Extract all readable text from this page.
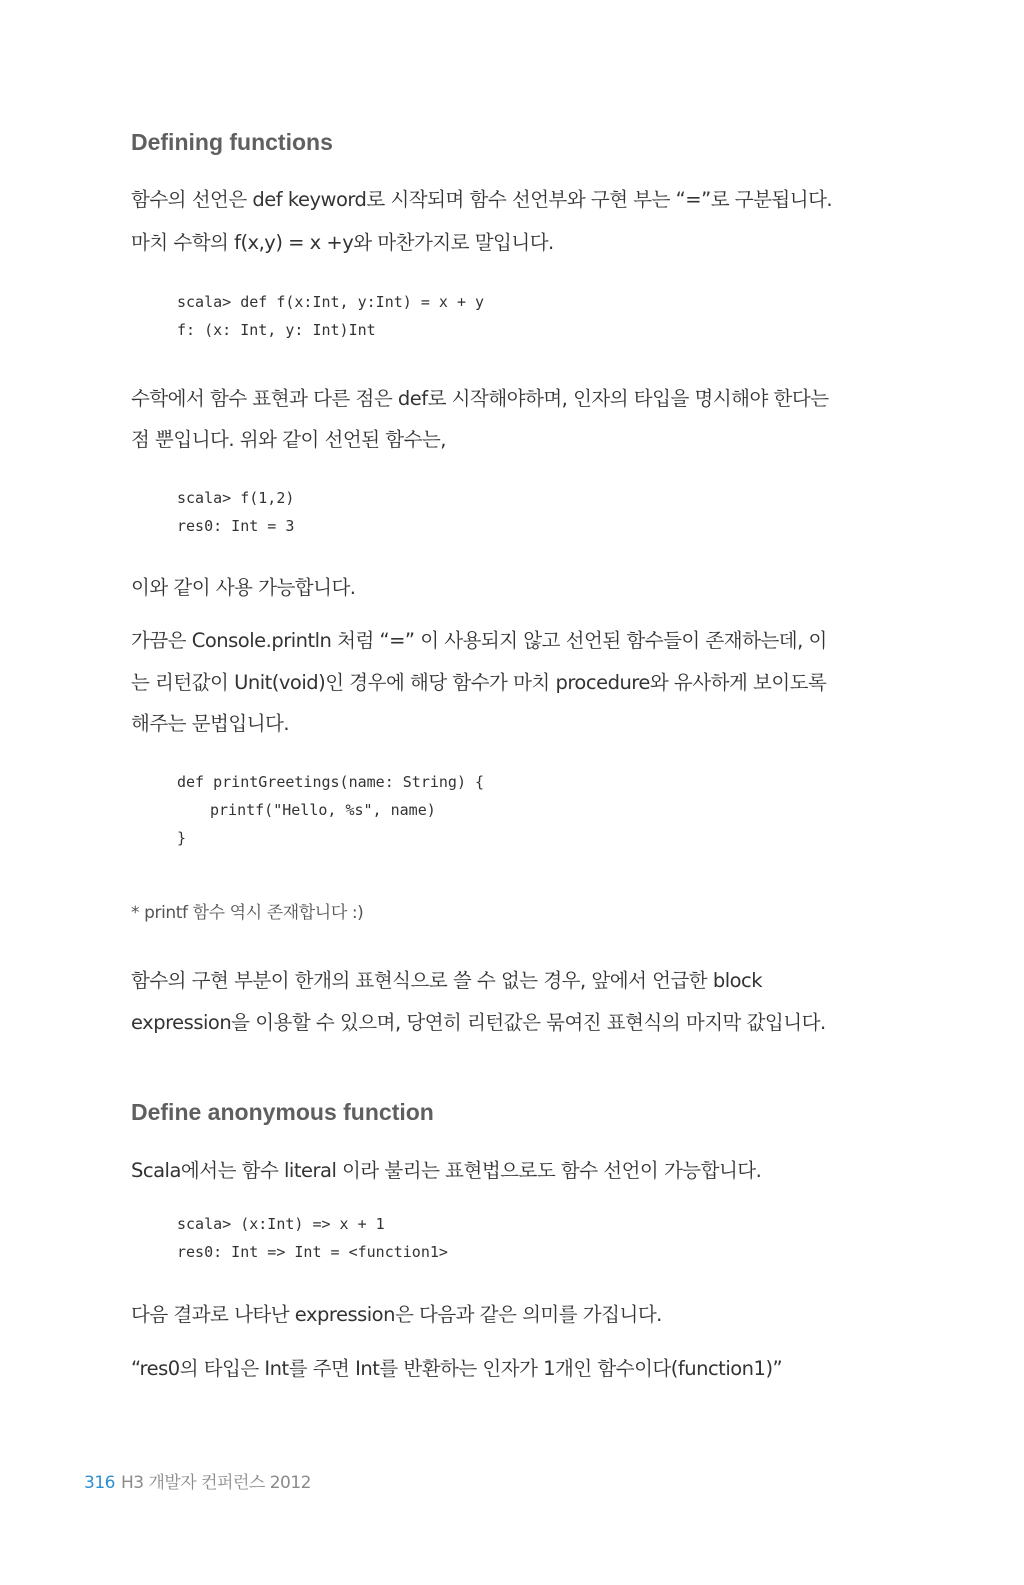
Defining functions
함수의 선언은 def keyword로 시작되며 함수 선언부와 구현 부는 “=”로 구분됩니다.
마치 수학의 f(x,y) = x +y와 마찬가지로 말입니다.
scala> def f(x:Int, y:Int) = x + y
f: (x: Int, y: Int)Int
수학에서 함수 표현과 다른 점은 def로 시작해야하며, 인자의 타입을 명시해야 한다는
점 뿐입니다. 위와 같이 선언된 함수는,
scala> f(1,2)
res0: Int = 3
이와 같이 사용 가능합니다.
가끔은 Console.println 처럼 “=” 이 사용되지 않고 선언된 함수들이 존재하는데, 이
는 리턴값이 Unit(void)인 경우에 해당 함수가 마치 procedure와 유사하게 보이도록
해주는 문법입니다.
def printGreetings(name: String) {
printf("Hello, %s", name)
}
* printf 함수 역시 존재합니다 :)
함수의 구현 부분이 한개의 표현식으로 쓸 수 없는 경우, 앞에서 언급한 block
expression을 이용할 수 있으며, 당연히 리턴값은 묶여진 표현식의 마지막 값입니다.
Define anonymous function
Scala에서는 함수 literal 이라 불리는 표현법으로도 함수 선언이 가능합니다.
scala> (x:Int) => x + 1
res0: Int => Int = <function1>
다음 결과로 나타난 expression은 다음과 같은 의미를 가집니다.
“res0의 타입은 Int를 주면 Int를 반환하는 인자가 1개인 함수이다(function1)”
316 H3 개발자 컨퍼런스 2012
